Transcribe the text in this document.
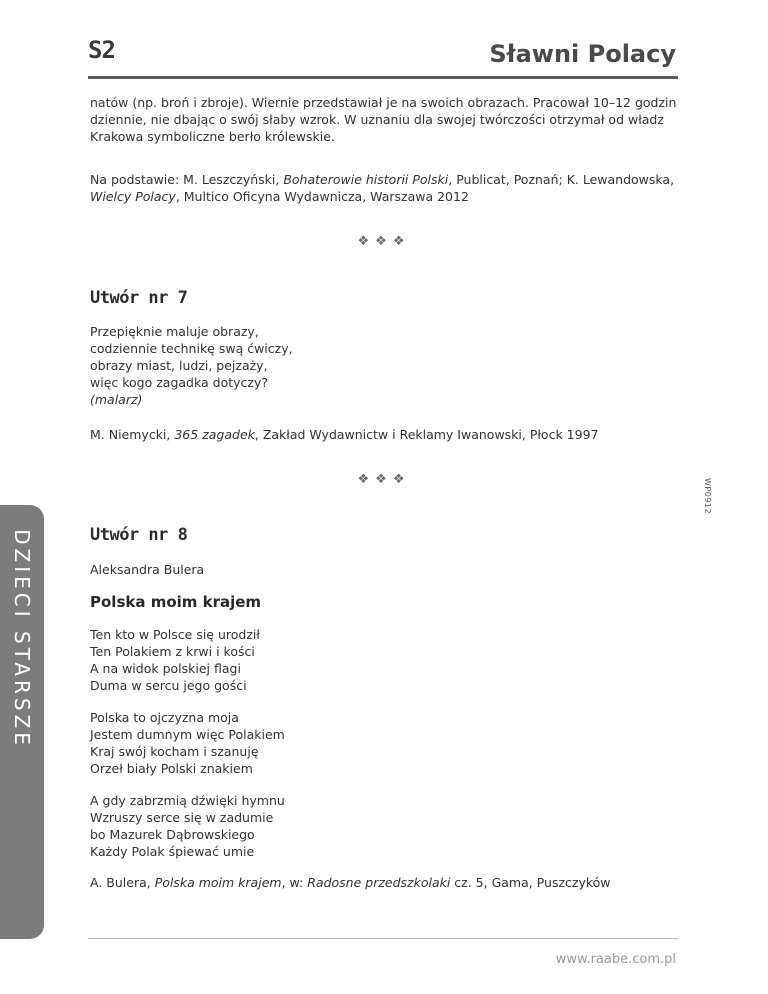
S2	Sławni Polacy
natów (np. broń i zbroje). Wiernie przedstawiał je na swoich obrazach. Pracował 10–12 godzin
dziennie, nie dbając o swój słaby wzrok. W uznaniu dla swojej twórczości otrzymał od władz
Krakowa symboliczne berło królewskie.
Na podstawie: M. Leszczyński, Bohaterowie historii Polski, Publicat, Poznań; K. Lewandowska,
Wielcy Polacy, Multico Oficyna Wydawnicza, Warszawa 2012
❖❖❖
Utwór nr 7
Przepięknie maluje obrazy,
codziennie technikę swą ćwiczy,
obrazy miast, ludzi, pejzaży,
więc kogo zagadka dotyczy?
(malarz)
M. Niemycki, 365 zagadek, Zakład Wydawnictw i Reklamy Iwanowski, Płock 1997
❖❖❖	WP0912
DZIECI STARSZE	Utwór nr 8
Aleksandra Bulera
Polska moim krajem
Ten kto w Polsce się urodził
Ten Polakiem z krwi i kości
A na widok polskiej flagi
Duma w sercu jego gości
Polska to ojczyzna moja
Jestem dumnym więc Polakiem
Kraj swój kocham i szanuję
Orzeł biały Polski znakiem
A gdy zabrzmią dźwięki hymnu
Wzruszy serce się w zadumie
bo Mazurek Dąbrowskiego
Każdy Polak śpiewać umie
A. Bulera, Polska moim krajem, w: Radosne przedszkolaki cz. 5, Gama, Puszczyków
www.raabe.com.pl
